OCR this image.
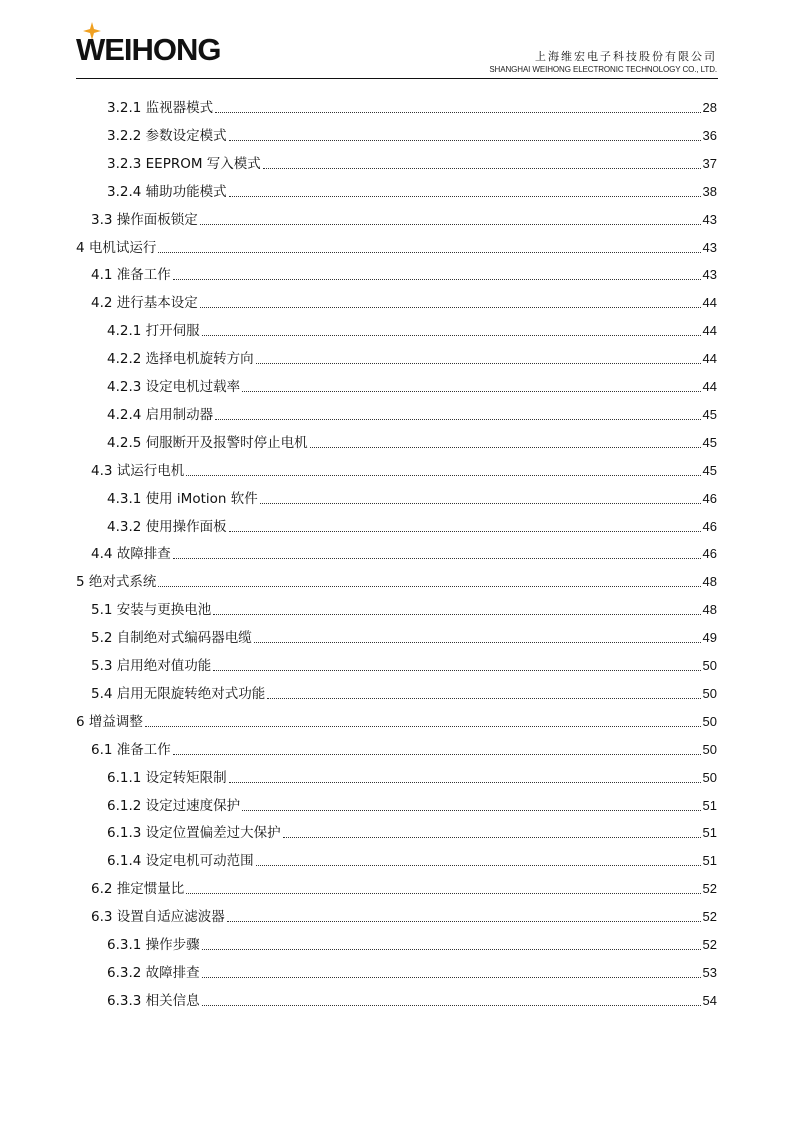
WEIHONG	上海维宏电子科技股份有限公司
SHANGHAI WEIHONG ELECTRONIC TECHNOLOGY CO., LTD.
3.2.1 监视器模式	28
3.2.2 参数设定模式	36
3.2.3 EEPROM 写入模式	37
3.2.4 辅助功能模式	38
3.3 操作面板锁定	43
4 电机试运行	43
4.1 准备工作	43
4.2 进行基本设定	44
4.2.1 打开伺服	44
4.2.2 选择电机旋转方向	44
4.2.3 设定电机过载率	44
4.2.4 启用制动器	45
4.2.5 伺服断开及报警时停止电机	45
4.3 试运行电机	45
4.3.1 使用 iMotion 软件	46
4.3.2 使用操作面板	46
4.4 故障排查	46
5 绝对式系统	48
5.1 安装与更换电池	48
5.2 自制绝对式编码器电缆	49
5.3 启用绝对值功能	50
5.4 启用无限旋转绝对式功能	50
6 增益调整	50
6.1 准备工作	50
6.1.1 设定转矩限制	50
6.1.2 设定过速度保护	51
6.1.3 设定位置偏差过大保护	51
6.1.4 设定电机可动范围	51
6.2 推定惯量比	52
6.3 设置自适应滤波器	52
6.3.1 操作步骤	52
6.3.2 故障排查	53
6.3.3 相关信息	54
